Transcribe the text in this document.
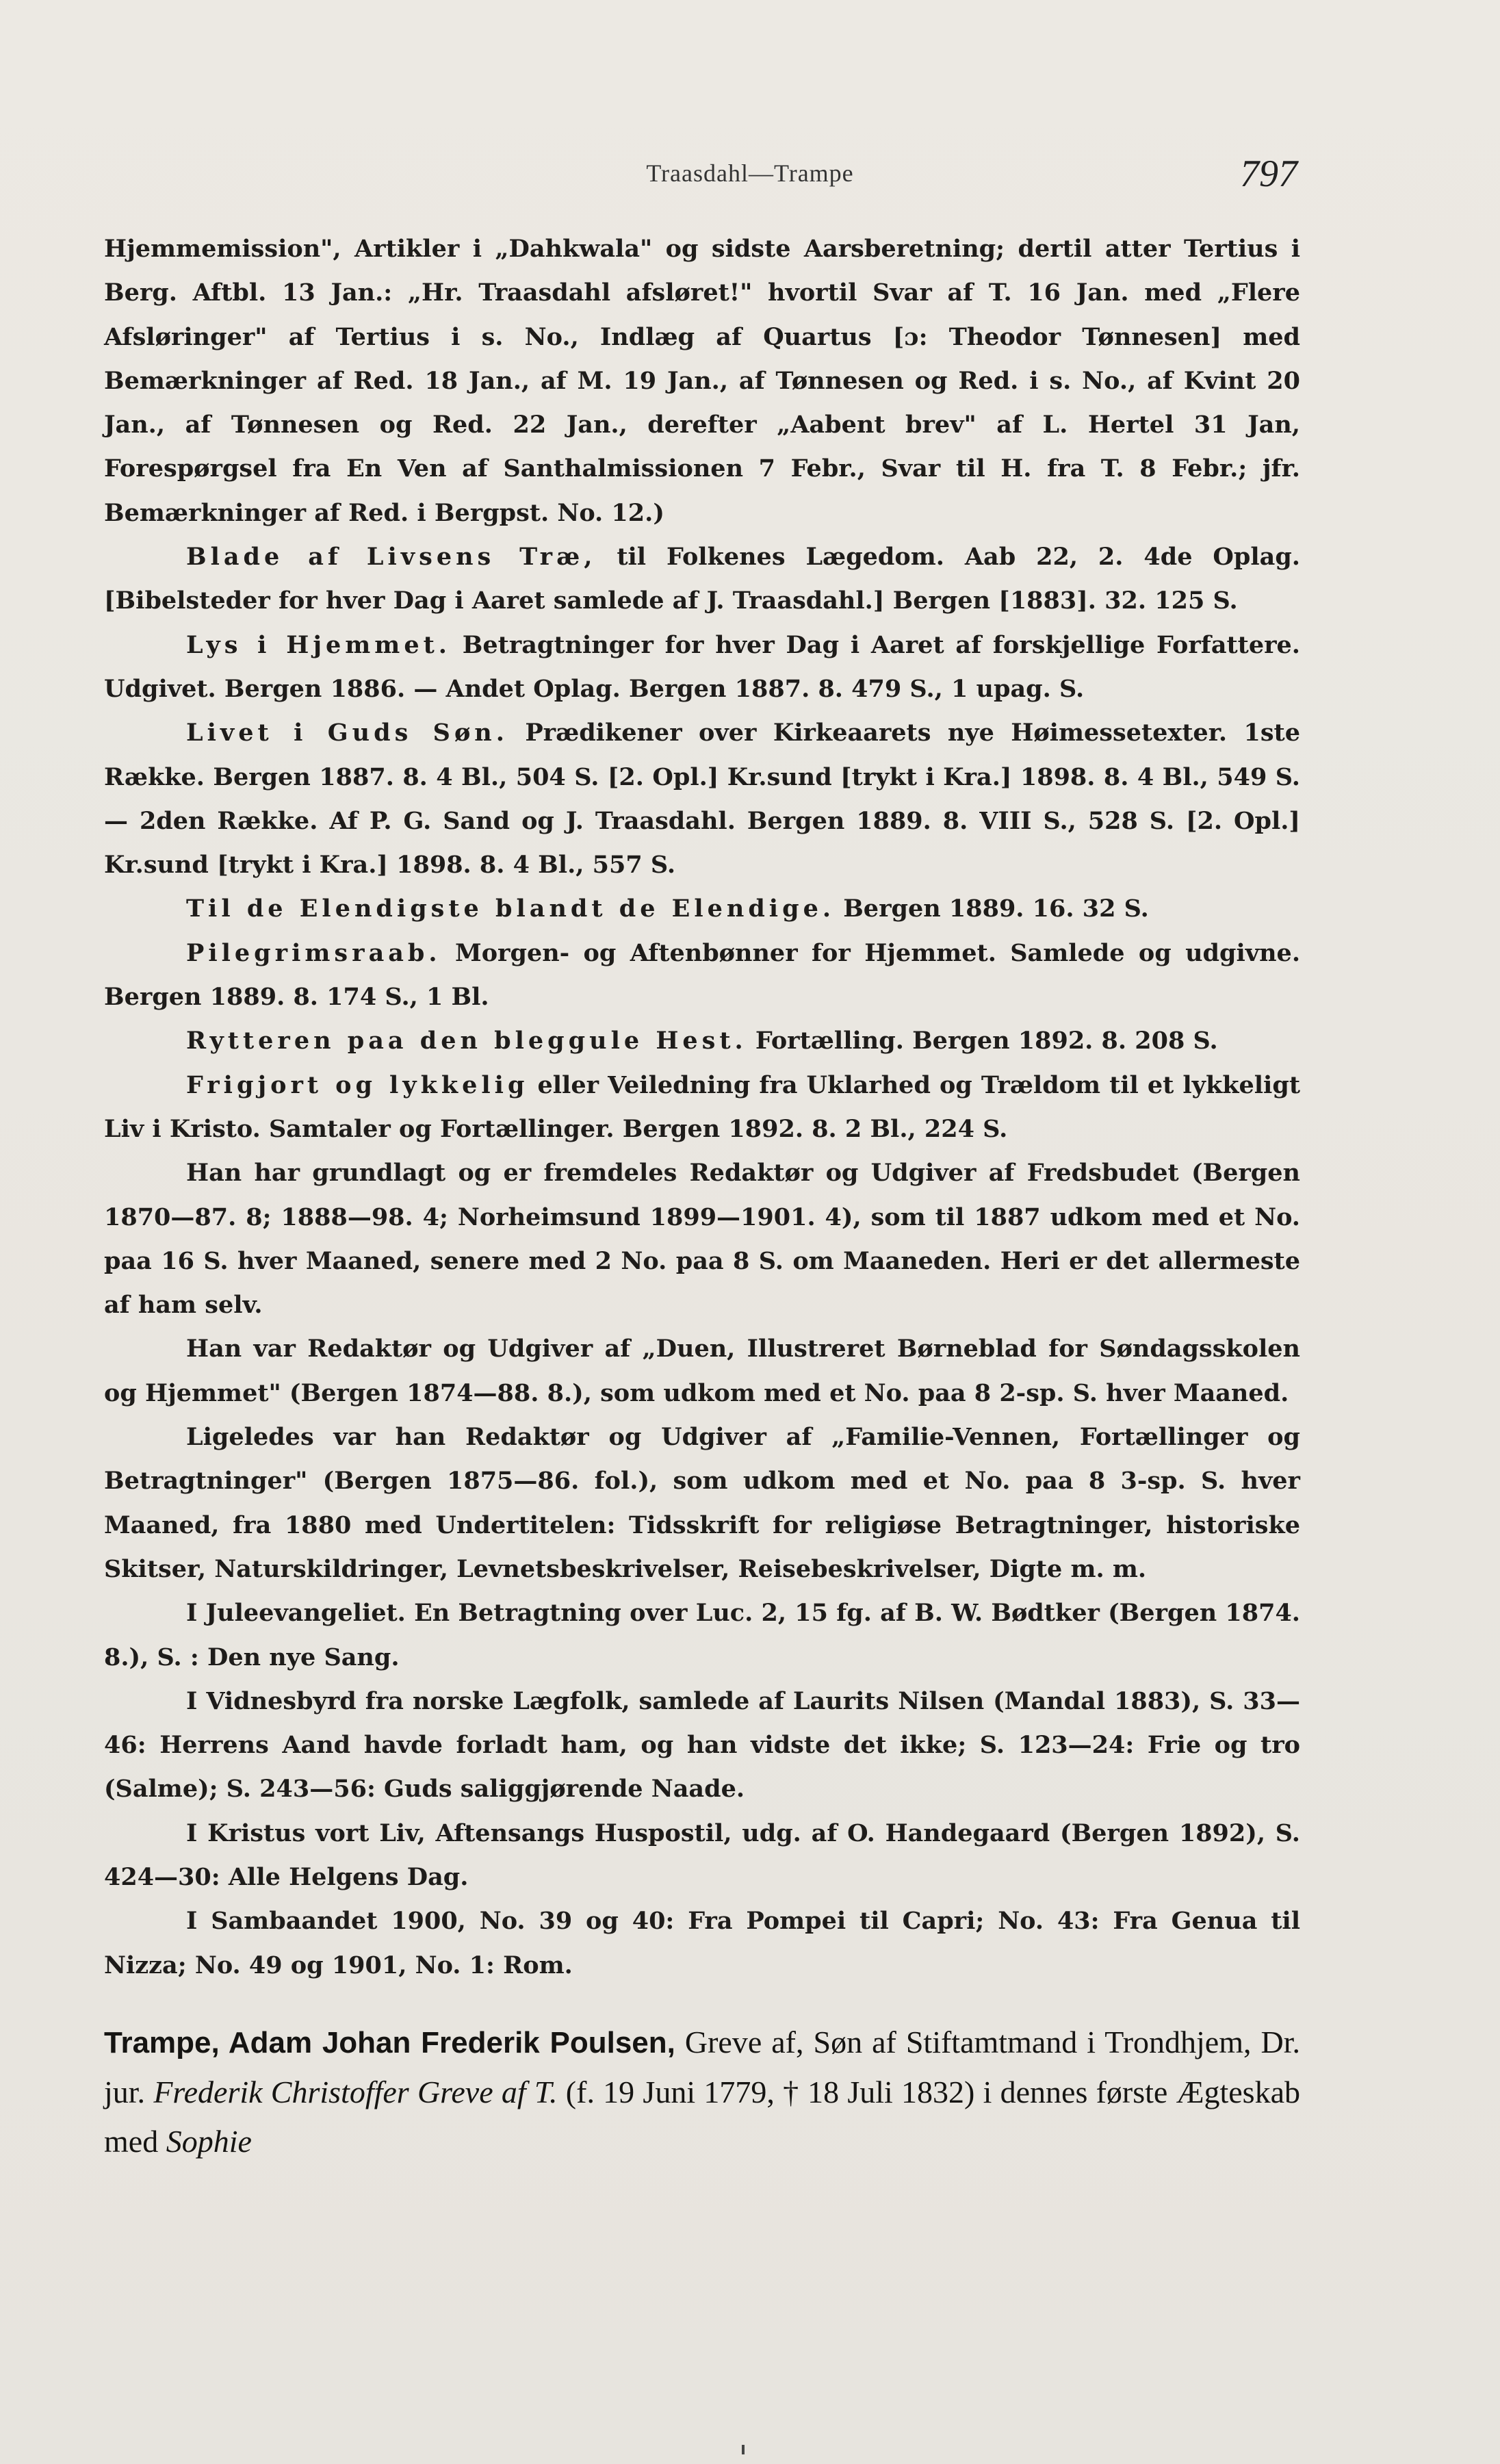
Traasdahl—Trampe	797

Hjemmemission", Artikler i „Dahkwala" og sidste Aarsberetning; dertil atter Tertius i Berg. Aftbl. 13 Jan.: „Hr. Traasdahl afsløret!" hvortil Svar af T. 16 Jan. med „Flere Afsløringer" af Tertius i s. No., Indlæg af Quartus [ɔ: Theodor Tønnesen] med Bemærkninger af Red. 18 Jan., af M. 19 Jan., af Tønnesen og Red. i s. No., af Kvint 20 Jan., af Tønnesen og Red. 22 Jan., derefter „Aabent brev" af L. Hertel 31 Jan, Forespørgsel fra En Ven af Santhalmissionen 7 Febr., Svar til H. fra T. 8 Febr.; jfr. Bemærkninger af Red. i Bergpst. No. 12.)

Blade af Livsens Træ, til Folkenes Lægedom. Aab 22, 2. 4de Oplag. [Bibelsteder for hver Dag i Aaret samlede af J. Traasdahl.] Bergen [1883]. 32. 125 S.

Lys i Hjemmet. Betragtninger for hver Dag i Aaret af forskjellige Forfattere. Udgivet. Bergen 1886. — Andet Oplag. Bergen 1887. 8. 479 S., 1 upag. S.

Livet i Guds Søn. Prædikener over Kirkeaarets nye Høimessetexter. 1ste Række. Bergen 1887. 8. 4 Bl., 504 S. [2. Opl.] Kr.sund [trykt i Kra.] 1898. 8. 4 Bl., 549 S. — 2den Række. Af P. G. Sand og J. Traasdahl. Bergen 1889. 8. VIII S., 528 S. [2. Opl.] Kr.sund [trykt i Kra.] 1898. 8. 4 Bl., 557 S.

Til de Elendigste blandt de Elendige. Bergen 1889. 16. 32 S.

Pilegrimsraab. Morgen- og Aftenbønner for Hjemmet. Samlede og udgivne. Bergen 1889. 8. 174 S., 1 Bl.

Rytteren paa den bleggule Hest. Fortælling. Bergen 1892. 8. 208 S.

Frigjort og lykkelig eller Veiledning fra Uklarhed og Trældom til et lykkeligt Liv i Kristo. Samtaler og Fortællinger. Bergen 1892. 8. 2 Bl., 224 S.

Han har grundlagt og er fremdeles Redaktør og Udgiver af Fredsbudet (Bergen 1870—87. 8; 1888—98. 4; Norheimsund 1899—1901. 4), som til 1887 udkom med et No. paa 16 S. hver Maaned, senere med 2 No. paa 8 S. om Maaneden. Heri er det allermeste af ham selv.

Han var Redaktør og Udgiver af „Duen, Illustreret Børneblad for Søndagsskolen og Hjemmet" (Bergen 1874—88. 8.), som udkom med et No. paa 8 2-sp. S. hver Maaned.

Ligeledes var han Redaktør og Udgiver af „Familie-Vennen, Fortællinger og Betragtninger" (Bergen 1875—86. fol.), som udkom med et No. paa 8 3-sp. S. hver Maaned, fra 1880 med Undertitelen: Tidsskrift for religiøse Betragtninger, historiske Skitser, Naturskildringer, Levnetsbeskrivelser, Reisebeskrivelser, Digte m. m.

I Juleevangeliet. En Betragtning over Luc. 2, 15 fg. af B. W. Bødtker (Bergen 1874. 8.), S. : Den nye Sang.

I Vidnesbyrd fra norske Lægfolk, samlede af Laurits Nilsen (Mandal 1883), S. 33—46: Herrens Aand havde forladt ham, og han vidste det ikke; S. 123—24: Frie og tro (Salme); S. 243—56: Guds saliggjørende Naade.

I Kristus vort Liv, Aftensangs Huspostil, udg. af O. Handegaard (Bergen 1892), S. 424—30: Alle Helgens Dag.

I Sambaandet 1900, No. 39 og 40: Fra Pompei til Capri; No. 43: Fra Genua til Nizza; No. 49 og 1901, No. 1: Rom.

Trampe, Adam Johan Frederik Poulsen, Greve af, Søn af Stiftamtmand i Trondhjem, Dr. jur. Frederik Christoffer Greve af T. (f. 19 Juni 1779, † 18 Juli 1832) i dennes første Ægteskab med Sophie
